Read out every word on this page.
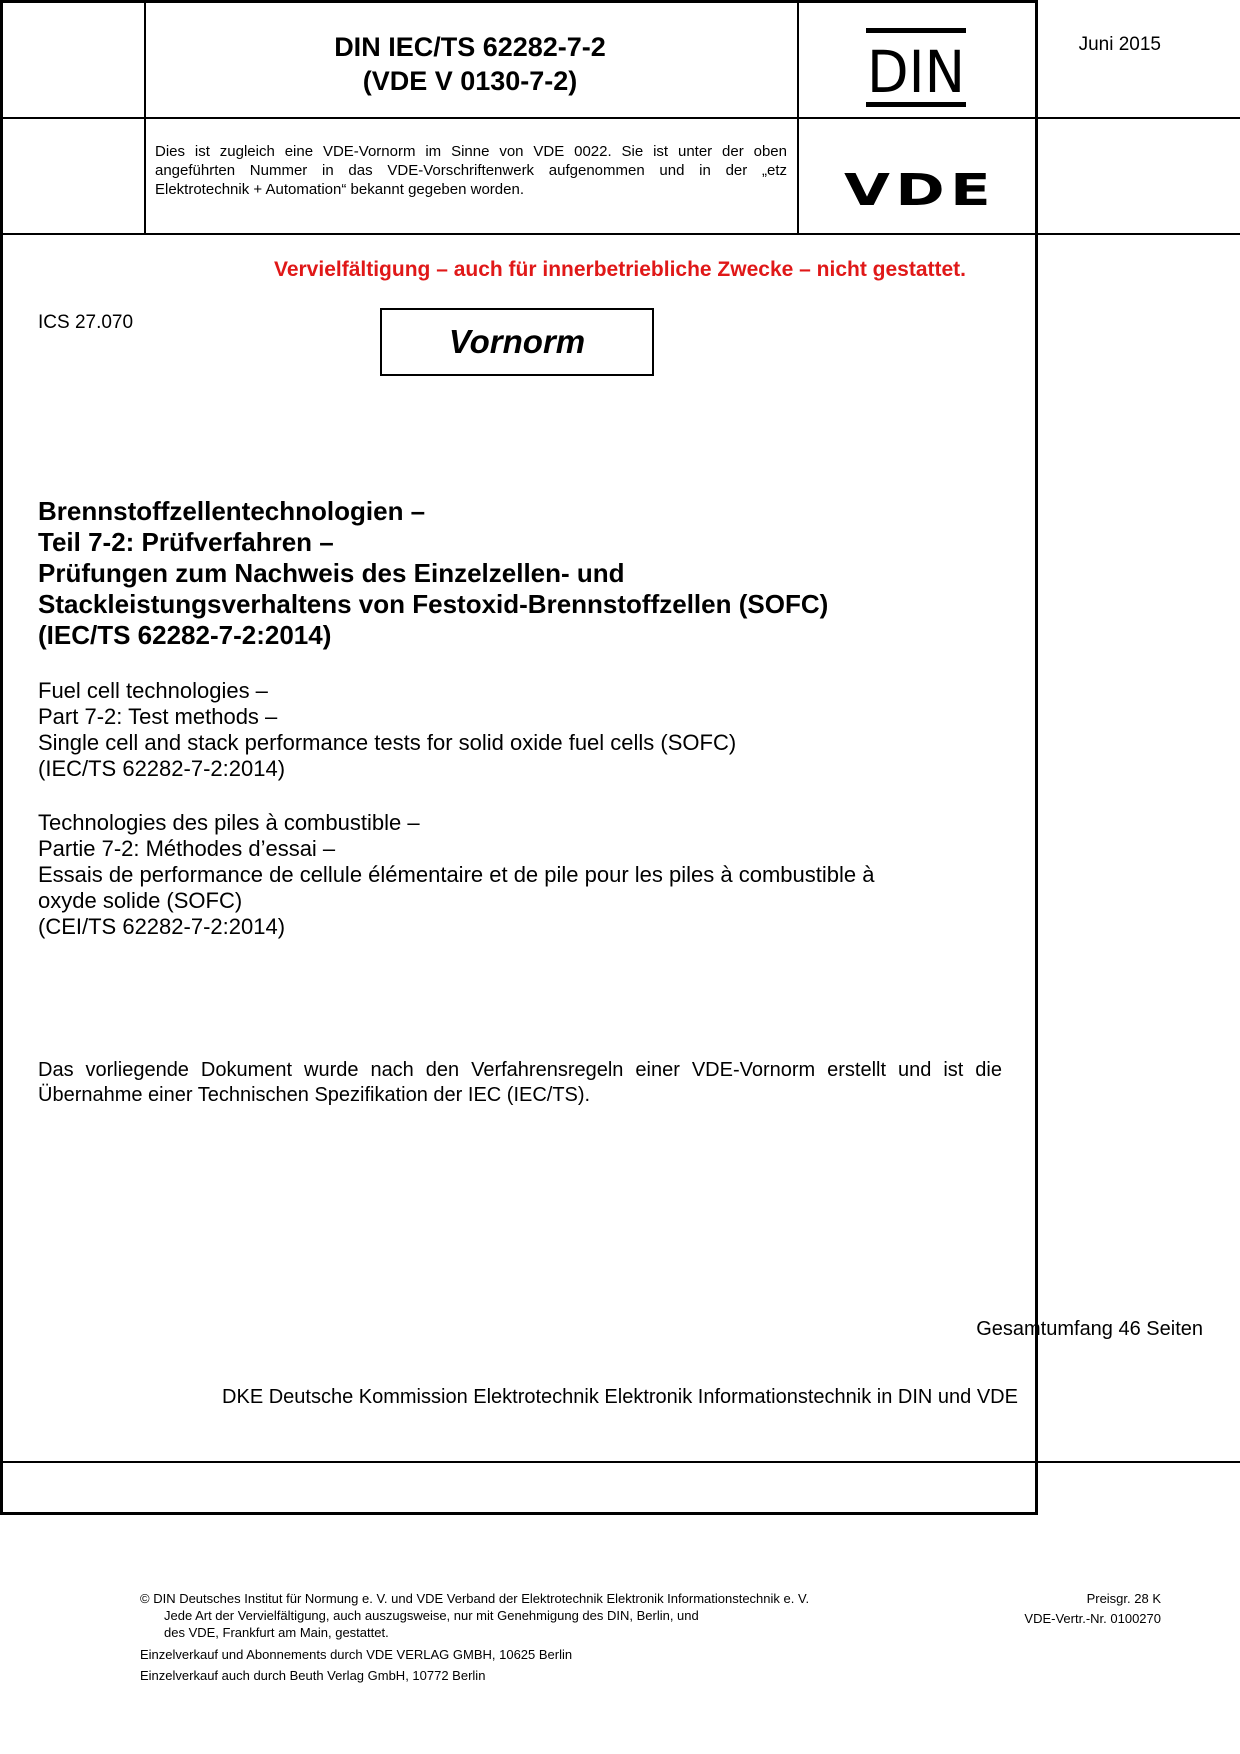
Juni 2015
DIN IEC/TS 62282-7-2
(VDE V 0130-7-2)	DIN
Dies ist zugleich eine VDE-Vornorm im Sinne von VDE 0022. Sie ist unter der oben angeführten Nummer in das VDE-Vorschriftenwerk aufgenommen und in der „etz Elektrotechnik + Automation“ bekannt gegeben worden.	VDE
Vervielfältigung – auch für innerbetriebliche Zwecke – nicht gestattet.
ICS 27.070
Vornorm
Brennstoffzellentechnologien –
Teil 7-2: Prüfverfahren –
Prüfungen zum Nachweis des Einzelzellen- und
Stackleistungsverhaltens von Festoxid-Brennstoffzellen (SOFC)
(IEC/TS 62282-7-2:2014)
Fuel cell technologies –
Part 7-2: Test methods –
Single cell and stack performance tests for solid oxide fuel cells (SOFC)
(IEC/TS 62282-7-2:2014)
Technologies des piles à combustible –
Partie 7-2: Méthodes d’essai –
Essais de performance de cellule élémentaire et de pile pour les piles à combustible à
oxyde solide (SOFC)
(CEI/TS 62282-7-2:2014)
Das vorliegende Dokument wurde nach den Verfahrensregeln einer VDE-Vornorm erstellt und ist die Übernahme einer Technischen Spezifikation der IEC (IEC/TS).
Gesamtumfang 46 Seiten
DKE Deutsche Kommission Elektrotechnik Elektronik Informationstechnik in DIN und VDE
© DIN Deutsches Institut für Normung e. V. und VDE Verband der Elektrotechnik Elektronik Informationstechnik e. V.
Jede Art der Vervielfältigung, auch auszugsweise, nur mit Genehmigung des DIN, Berlin, und
des VDE, Frankfurt am Main, gestattet.
Preisgr. 28 K
VDE-Vertr.-Nr. 0100270
Einzelverkauf und Abonnements durch VDE VERLAG GMBH, 10625 Berlin
Einzelverkauf auch durch Beuth Verlag GmbH, 10772 Berlin
